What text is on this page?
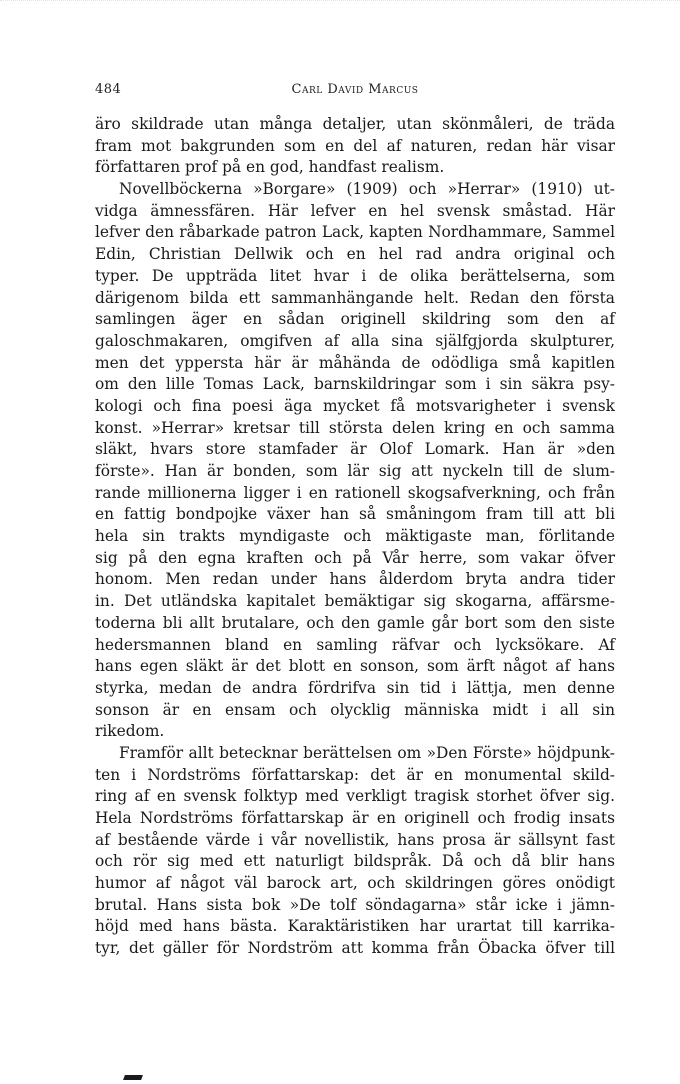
484	Carl David Marcus
äro skildrade utan många detaljer, utan skönmåleri, de träda
fram mot bakgrunden som en del af naturen, redan här visar
författaren prof på en god, handfast realism.
Novellböckerna »Borgare» (1909) och »Herrar» (1910) ut-
vidga ämnessfären. Här lefver en hel svensk småstad. Här
lefver den råbarkade patron Lack, kapten Nordhammare, Sammel
Edin, Christian Dellwik och en hel rad andra original och
typer. De uppträda litet hvar i de olika berättelserna, som
därigenom bilda ett sammanhängande helt. Redan den första
samlingen äger en sådan originell skildring som den af
galoschmakaren, omgifven af alla sina själfgjorda skulpturer,
men det yppersta här är måhända de odödliga små kapitlen
om den lille Tomas Lack, barnskildringar som i sin säkra psy-
kologi och fina poesi äga mycket få motsvarigheter i svensk
konst. »Herrar» kretsar till största delen kring en och samma
släkt, hvars store stamfader är Olof Lomark. Han är »den
förste». Han är bonden, som lär sig att nyckeln till de slum-
rande millionerna ligger i en rationell skogsafverkning, och från
en fattig bondpojke växer han så småningom fram till att bli
hela sin trakts myndigaste och mäktigaste man, förlitande
sig på den egna kraften och på Vår herre, som vakar öfver
honom. Men redan under hans ålderdom bryta andra tider
in. Det utländska kapitalet bemäktigar sig skogarna, affärsme-
toderna bli allt brutalare, och den gamle går bort som den siste
hedersmannen bland en samling räfvar och lycksökare. Af
hans egen släkt är det blott en sonson, som ärft något af hans
styrka, medan de andra fördrifva sin tid i lättja, men denne
sonson är en ensam och olycklig människa midt i all sin
rikedom.
Framför allt betecknar berättelsen om »Den Förste» höjdpunk-
ten i Nordströms författarskap: det är en monumental skild-
ring af en svensk folktyp med verkligt tragisk storhet öfver sig.
Hela Nordströms författarskap är en originell och frodig insats
af bestående värde i vår novellistik, hans prosa är sällsynt fast
och rör sig med ett naturligt bildspråk. Då och då blir hans
humor af något väl barock art, och skildringen göres onödigt
brutal. Hans sista bok »De tolf söndagarna» står icke i jämn-
höjd med hans bästa. Karaktäristiken har urartat till karrika-
tyr, det gäller för Nordström att komma från Öbacka öfver till
